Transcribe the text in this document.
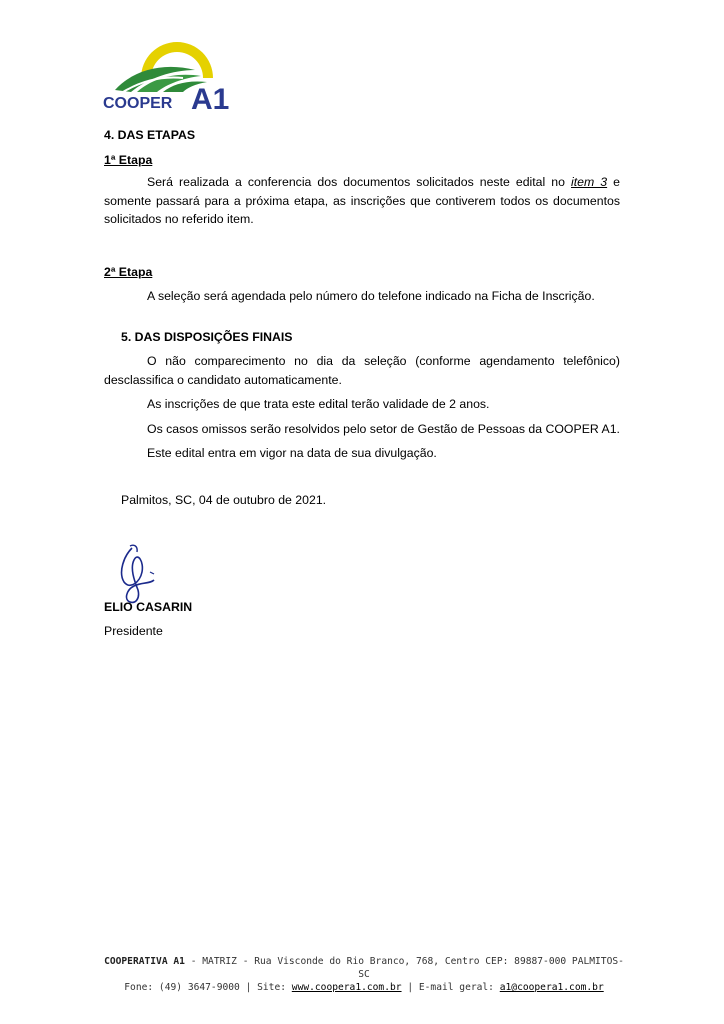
COOPER A1

4. DAS ETAPAS

1ª Etapa

Será realizada a conferencia dos documentos solicitados neste edital no item 3 e somente passará para a próxima etapa, as inscrições que contiverem todos os documentos solicitados no referido item.

2ª Etapa

A seleção será agendada pelo número do telefone indicado na Ficha de Inscrição.

5. DAS DISPOSIÇÕES FINAIS

O não comparecimento no dia da seleção (conforme agendamento telefônico) desclassifica o candidato automaticamente.

As inscrições de que trata este edital terão validade de 2 anos.

Os casos omissos serão resolvidos pelo setor de Gestão de Pessoas da COOPER A1.

Este edital entra em vigor na data de sua divulgação.

Palmitos, SC, 04 de outubro de 2021.

ELIO CASARIN
Presidente
COOPERATIVA A1 - MATRIZ - Rua Visconde do Rio Branco, 768, Centro CEP: 89887-000 PALMITOS-SC
Fone: (49) 3647-9000 | Site: www.coopera1.com.br | E-mail geral: a1@coopera1.com.br
